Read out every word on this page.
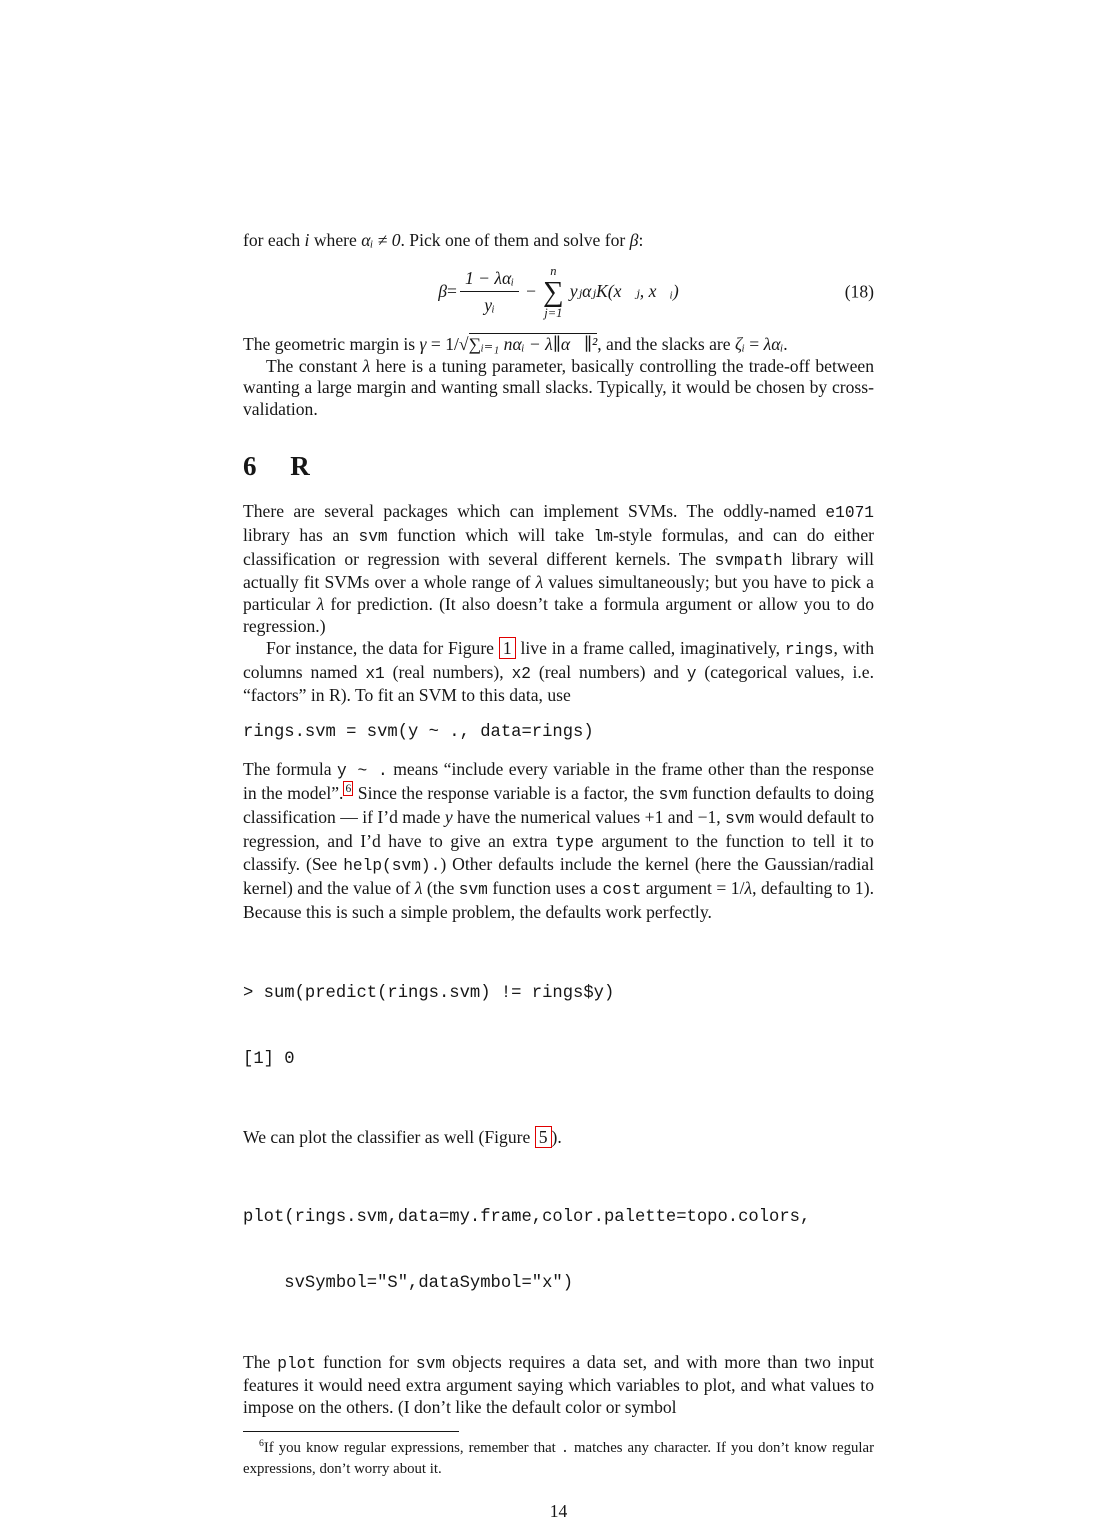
for each i where αᵢ ≠ 0. Pick one of them and solve for β:

$\beta = \frac{\text{1 − λαᵢ}}{\text{yᵢ}}$ −
n
∑
j=1
yⱼαⱼK(x⃗ⱼ, x⃗ᵢ)	(18)

The geometric margin is γ = 1/√∑ᵢ₌₁ nαᵢ − λ∥α⃗∥², and the slacks are ζᵢ = λαᵢ.

The constant λ here is a tuning parameter, basically controlling the trade-off between wanting a large margin and wanting small slacks. Typically, it would be chosen by cross-validation.

6 R

There are several packages which can implement SVMs. The oddly-named e1071 library has an svm function which will take lm-style formulas, and can do either classification or regression with several different kernels. The svmpath library will actually fit SVMs over a whole range of λ values simultaneously; but you have to pick a particular λ for prediction. (It also doesn’t take a formula argument or allow you to do regression.)

For instance, the data for Figure 1 live in a frame called, imaginatively, rings, with columns named x1 (real numbers), x2 (real numbers) and y (categorical values, i.e. “factors” in R). To fit an SVM to this data, use

rings.svm = svm(y ~ ., data=rings)

The formula y ~ . means “include every variable in the frame other than the response in the model”. $^6$ Since the response variable is a factor, the svm function defaults to doing classification — if I’d made y have the numerical values +1 and −1, svm would default to regression, and I’d have to give an extra type argument to the function to tell it to classify. (See help(svm).) Other defaults include the kernel (here the Gaussian/radial kernel) and the value of λ (the svm function uses a cost argument = 1/λ, defaulting to 1). Because this is such a simple problem, the defaults work perfectly.

> sum(predict(rings.svm) != rings$y)

[1] 0

We can plot the classifier as well (Figure 5 ).

plot(rings.svm,data=my.frame,color.palette=topo.colors,

svSymbol="S",dataSymbol="x")

The plot function for svm objects requires a data set, and with more than two input features it would need extra argument saying which variables to plot, and what values to impose on the others. (I don’t like the default color or symbol

$^6$If you know regular expressions, remember that . matches any character. If you don’t know regular expressions, don’t worry about it.

14
